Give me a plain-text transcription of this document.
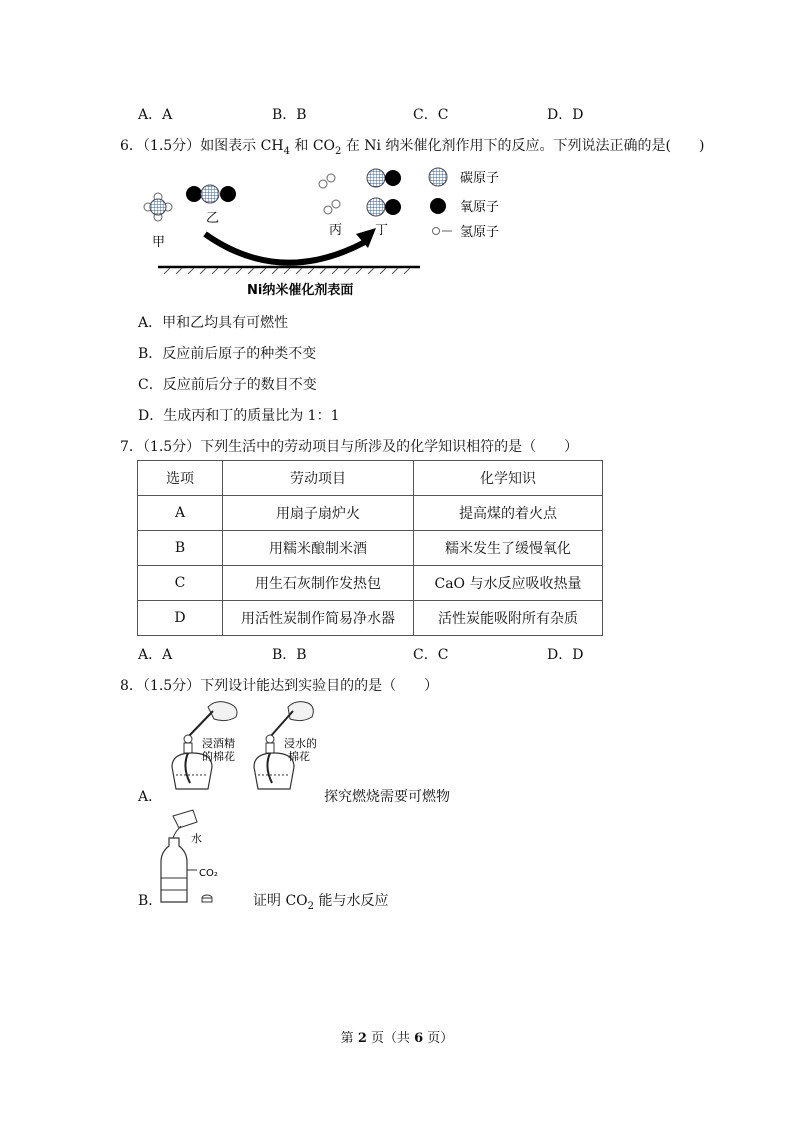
A．A	B．B	C．C	D．D
6．（1.5分）如图表示 $CH_4$ 和 $CO_2$ 在 Ni 纳米催化剂作用下的反应。下列说法正确的是(　　)
甲
乙
丙	丁
碳原子
氧原子
氢原子
Ni纳米催化剂表面
A．甲和乙均具有可燃性
B．反应前后原子的种类不变
C．反应前后分子的数目不变
D．生成丙和丁的质量比为 1：1
7．（1.5分）下列生活中的劳动项目与所涉及的化学知识相符的是（　　）
选项	劳动项目	化学知识
A	用扇子扇炉火	提高煤的着火点
B	用糯米酿制米酒	糯米发生了缓慢氧化
C	用生石灰制作发热包	CaO 与水反应吸收热量
D	用活性炭制作简易净水器	活性炭能吸附所有杂质
A．A	B．B	C．C	D．D
8．（1.5分）下列设计能达到实验目的的是（　　）
浸酒精
的棉花
浸水的
棉花
A．	探究燃烧需要可燃物
水
CO₂
B．	证明 $CO_2$ 能与水反应
第 2 页（共 6 页）
